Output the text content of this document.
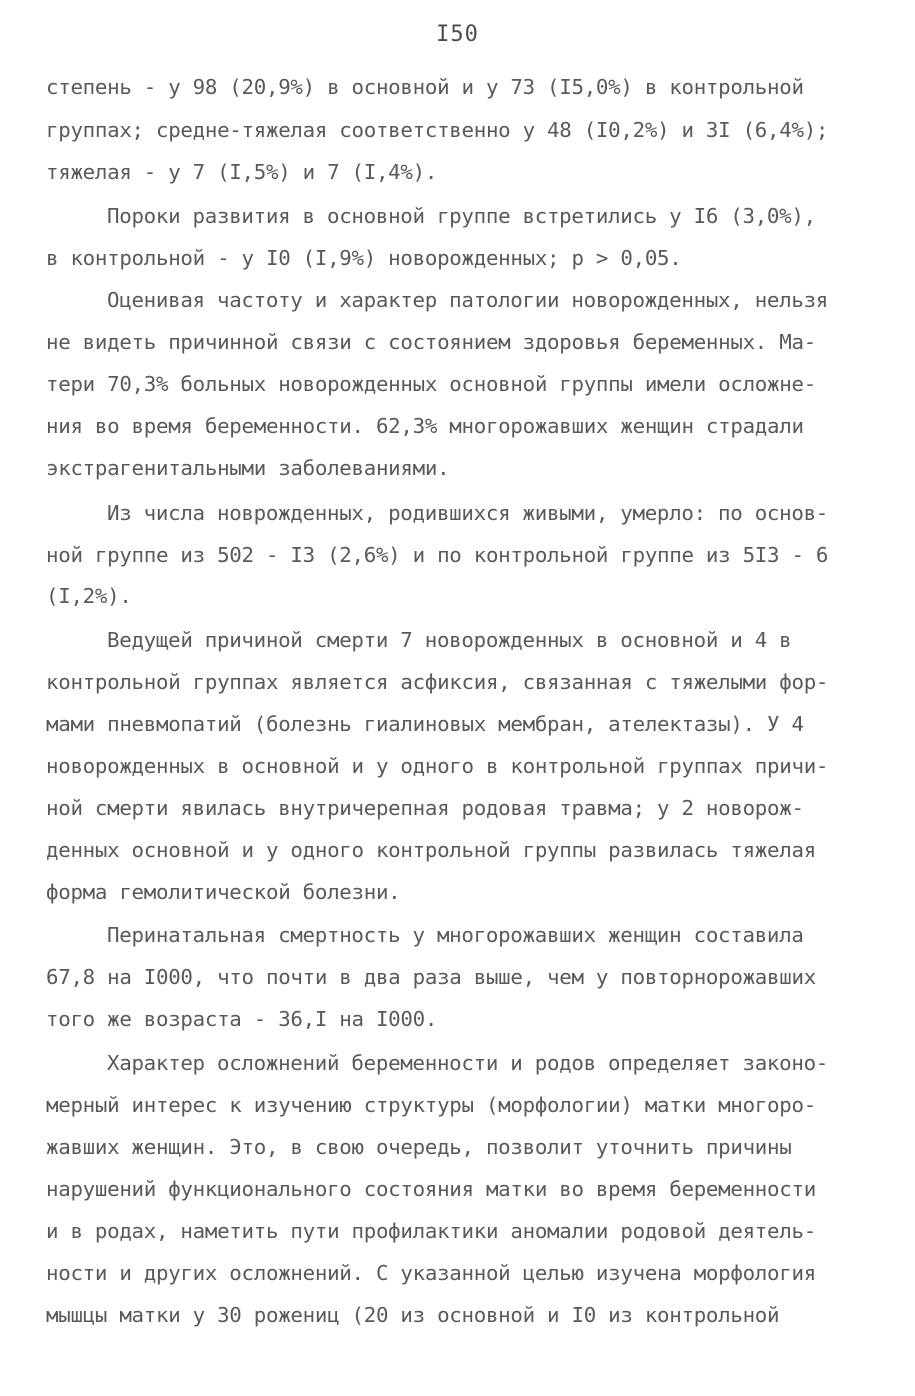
I50
степень - у 98 (20,9%) в основной и у 73 (I5,0%) в контрольной
группах; средне-тяжелая соответственно у 48 (I0,2%) и 3I (6,4%);
тяжелая - у 7 (I,5%) и 7 (I,4%).
Пороки развития в основной группе встретились у I6 (3,0%),
в контрольной - у I0 (I,9%) новорожденных; р > 0,05.
Оценивая частоту и характер патологии новорожденных, нельзя
не видеть причинной связи с состоянием здоровья беременных. Ма-
тери 70,3% больных новорожденных основной группы имели осложне-
ния во время беременности. 62,3% многорожавших женщин страдали
экстрагенитальными заболеваниями.
Из числа новрожденных, родившихся живыми, умерло: по основ-
ной группе из 502 - I3 (2,6%) и по контрольной группе из 5I3 - 6
(I,2%).
Ведущей причиной смерти 7 новорожденных в основной и 4 в
контрольной группах является асфиксия, связанная с тяжелыми фор-
мами пневмопатий (болезнь гиалиновых мембран, ателектазы). У 4
новорожденных в основной и у одного в контрольной группах причи-
ной смерти явилась внутричерепная родовая травма; у 2 новорож-
денных основной и у одного контрольной группы развилась тяжелая
форма гемолитической болезни.
Перинатальная смертность у многорожавших женщин составила
67,8 на I000, что почти в два раза выше, чем у повторнорожавших
того же возраста - 36,I на I000.
Характер осложнений беременности и родов определяет законо-
мерный интерес к изучению структуры (морфологии) матки многоро-
жавших женщин. Это, в свою очередь, позволит уточнить причины
нарушений функционального состояния матки во время беременности
и в родах, наметить пути профилактики аномалии родовой деятель-
ности и других осложнений. С указанной целью изучена морфология
мышцы матки у 30 рожениц (20 из основной и I0 из контрольной
